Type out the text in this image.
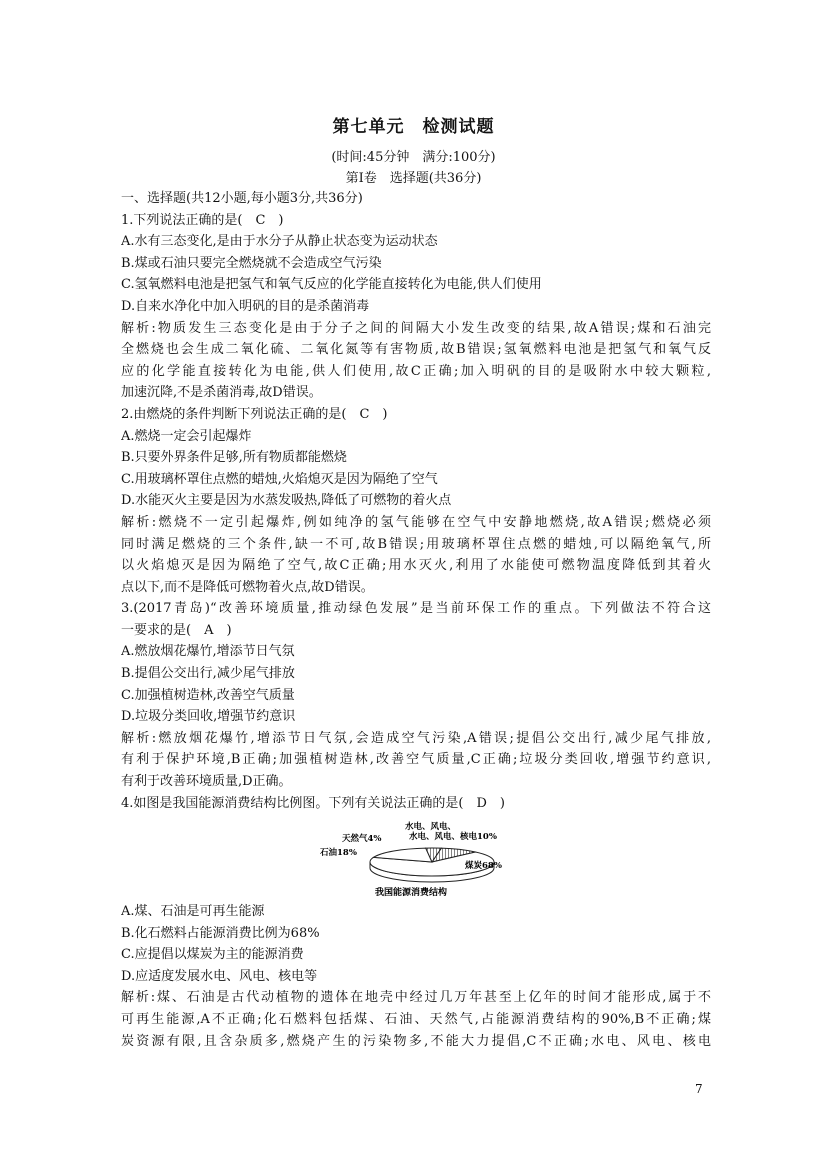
第七单元　检测试题
(时间:45分钟　满分:100分)
第Ⅰ卷　选择题(共36分)
一、选择题(共12小题,每小题3分,共36分)
1.下列说法正确的是(　C　)
A.水有三态变化,是由于水分子从静止状态变为运动状态
B.煤或石油只要完全燃烧就不会造成空气污染
C.氢氧燃料电池是把氢气和氧气反应的化学能直接转化为电能,供人们使用
D.自来水净化中加入明矾的目的是杀菌消毒
解析:物质发生三态变化是由于分子之间的间隔大小发生改变的结果,故A错误;煤和石油完
全燃烧也会生成二氧化硫、二氧化氮等有害物质,故B错误;氢氧燃料电池是把氢气和氧气反
应的化学能直接转化为电能,供人们使用,故C正确;加入明矾的目的是吸附水中较大颗粒,
加速沉降,不是杀菌消毒,故D错误。
2.由燃烧的条件判断下列说法正确的是(　C　)
A.燃烧一定会引起爆炸
B.只要外界条件足够,所有物质都能燃烧
C.用玻璃杯罩住点燃的蜡烛,火焰熄灭是因为隔绝了空气
D.水能灭火主要是因为水蒸发吸热,降低了可燃物的着火点
解析:燃烧不一定引起爆炸,例如纯净的氢气能够在空气中安静地燃烧,故A错误;燃烧必须
同时满足燃烧的三个条件,缺一不可,故B错误;用玻璃杯罩住点燃的蜡烛,可以隔绝氧气,所
以火焰熄灭是因为隔绝了空气,故C正确;用水灭火,利用了水能使可燃物温度降低到其着火
点以下,而不是降低可燃物着火点,故D错误。
3.(2017青岛)“改善环境质量,推动绿色发展”是当前环保工作的重点。下列做法不符合这
一要求的是(　A　)
A.燃放烟花爆竹,增添节日气氛
B.提倡公交出行,减少尾气排放
C.加强植树造林,改善空气质量
D.垃圾分类回收,增强节约意识
解析:燃放烟花爆竹,增添节日气氛,会造成空气污染,A错误;提倡公交出行,减少尾气排放,
有利于保护环境,B正确;加强植树造林,改善空气质量,C正确;垃圾分类回收,增强节约意识,
有利于改善环境质量,D正确。
4.如图是我国能源消费结构比例图。下列有关说法正确的是(　D　)
水电、风电、
水电、风电、核电10%
天然气4%
石油18%
煤炭68%
我国能源消费结构
A.煤、石油是可再生能源
B.化石燃料占能源消费比例为68%
C.应提倡以煤炭为主的能源消费
D.应适度发展水电、风电、核电等
解析:煤、石油是古代动植物的遗体在地壳中经过几万年甚至上亿年的时间才能形成,属于不
可再生能源,A不正确;化石燃料包括煤、石油、天然气,占能源消费结构的90%,B不正确;煤
炭资源有限,且含杂质多,燃烧产生的污染物多,不能大力提倡,C不正确;水电、风电、核电
7
